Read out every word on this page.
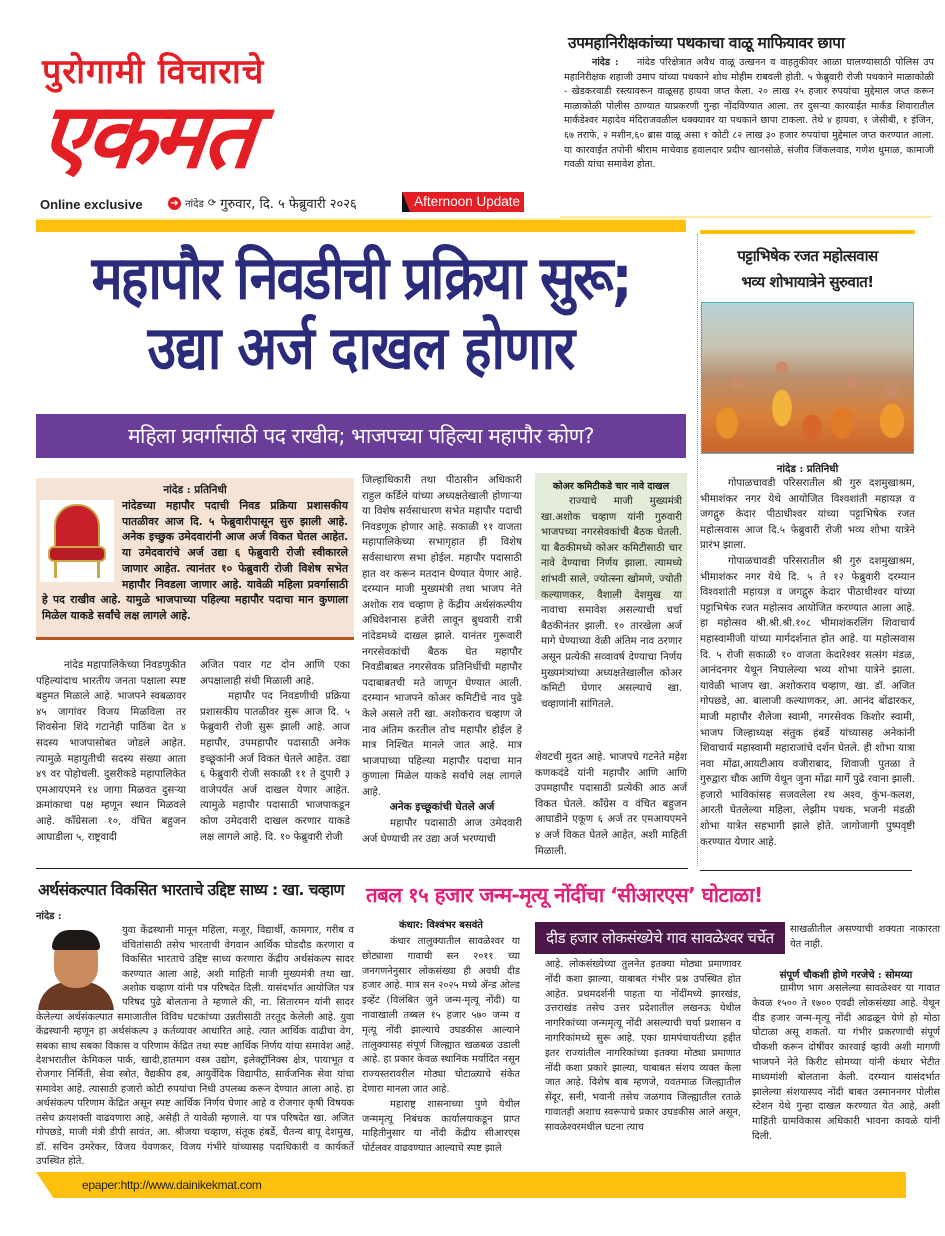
पुरोगामी विचाराचे
एकमत
Online exclusive	➜ नांदेड ⟳ गुरुवार, दि. ५ फेब्रुवारी २०२६	Afternoon Update
उपमहानिरीक्षकांच्या पथकाचा वाळू माफियावर छापा

नांदेड : नांदेड परिक्षेत्रात अवैध वाळू उत्खनन व वाहतुकीवर आळा घालण्यासाठी पोलिस उप महानिरीक्षक शहाजी उमाप यांच्या पथकाने शोध मोहीम राबवली होती. ५ फेब्रुवारी रोजी पथकाने माळाकोळी - खेडकरवाडी रस्त्यावरून वाळूसह हायवा जप्त केला. २० लाख २५ हजार रुपयांचा मुद्देमाल जप्त करून माळाकोळी पोलीस ठाण्यात याप्रकरणी गुन्हा नोंदविण्यात आला. तर दुसऱ्या कारवाईत मार्कंड शिवारातील मार्कंडेश्वर महादेव मंदिराजवळील धक्क्यावर या पथकाने छापा टाकला. तेथे ४ हायवा, १ जेसीबी, १ इंजिन, ६७ तराफे, २ मशीन,६० ब्रास वाळू असा १ कोटी ८२ लाख ३० हजार रुपयांचा मुद्देमाल जप्त करण्यात आला. या कारवाईत तपोनी श्रीराम माचेवाड हवालदार प्रदीप खानसोळे, संजीव जिंकलवाड, गणेश धुमाळ, कामाजी गवळी यांचा समावेश होता.

महापौर निवडीची प्रक्रिया सुरू;
उद्या अर्ज दाखल होणार
महिला प्रवर्गासाठी पद राखीव; भाजपच्या पहिल्या महापौर कोण?
पट्टाभिषेक रजत महोत्सवास
भव्य शोभायात्रेने सुरुवात!
नांदेड : प्रतिनिधी

गोपाळचावडी परिसरातील श्री गुरु दशमुखाश्रम, भीमाशंकर नगर येथे आयोजित विश्वशांती महायज्ञ व जगद्गुरु केदार पीठाधीश्वर यांच्या पट्टाभिषेक रजत महोत्सवास आज दि.५ फेब्रुवारी रोजी भव्य शोभा यात्रेने प्रारंभ झाला.

गोपाळचावडी परिसरातील श्री गुरु दशमुखाश्रम, भीमाशंकर नगर येथे दि. ५ ते १२ फेब्रुवारी दरम्यान विश्वशांती महायज्ञ व जगद्गुरु केदार पीठाधीश्वर यांच्या पट्टाभिषेक रजत महोत्सव आयोजित करण्यात आला आहे. हा महोत्सव श्री.श्री.श्री.१०८ भीमाशंकरलिंग शिवाचार्य महास्वामीजी यांच्या मार्गदर्शनात होत आहे. या महोत्सवास दि. ५ रोजी सकाळी १० वाजता केदारेश्वर सत्संग मंडळ, आनंदनगर येथून निघालेल्या भव्य शोभा यात्रेने झाला. यावेळी भाजप खा. अशोकराव चव्हाण, खा. डॉ. अजित गोपछडे, आ. बालाजी कल्याणकर, आ. आनंद बोंढारकर, माजी महापौर शैलेजा स्वामी, नगरसेवक किशोर स्वामी, भाजप जिल्हाध्यक्ष संतुक हंबर्डे यांच्यासह अनेकांनी शिवाचार्य महास्वामी महाराजांचे दर्शन घेतले. ही शोभा यात्रा नवा मोंढा,आयटीआय वजीराबाद, शिवाजी पुतळा ते गुरुद्वारा चौक आणि येथून जुना मोंढा मार्गे पुढे रवाना झाली. हजारो भाविकांसह सजवलेला रथ अश्व, कुंभ-कलश, आरती घेतलेल्या महिला, लेझीम पथक, भजनी मंडळी शोभा यात्रेत सहभागी झाले होते. जागोजागी पुष्पवृष्टी करण्यात येणार आहे.

नांदेड : प्रतिनिधी
नांदेडच्या महापौर पदाची निवड प्रक्रिया प्रशासकीय पातळीवर आज दि. ५ फेब्रुवारीपासून सुरु झाली आहे. अनेक इच्छुक उमेदवारांनी आज अर्ज विकत घेतल आहेत. या उमेदवारांचे अर्ज उद्या ६ फेब्रुवारी रोजी स्वीकारले जाणार आहेत. त्यानंतर १० फेब्रुवारी रोजी विशेष सभेत महापौर निवडला जाणार आहे. यावेळी महिला प्रवर्गासाठी हे पद राखीव आहे. यामुळे भाजपाच्या पहिल्या महापौर पदाचा मान कुणाला मिळेल याकडे सर्वांचे लक्ष लागले आहे.

नांदेड महापालिकेच्या निवडणुकीत पहिल्यांदाच भारतीय जनता पक्षाला स्पष्ट बहुमत मिळाले आहे. भाजपने स्वबळावर ४५ जागांवर विजय मिळविला तर शिवसेना शिंदे गटानेही पाठिंबा देत ४ सदस्य भाजपासोबत जोडले आहेत. त्यामुळे महायुतीची सदस्य संख्या आता ४९ वर पोहोचली. दुसरीकडे महापालिकेत एमआयएमने १४ जागा मिळवत दुसऱ्या क्रमांकाचा पक्ष म्हणून स्थान मिळवले आहे. काँग्रेसला १०, वंचित बहुजन आघाडीला ५, राष्ट्रवादी

अजित पवार गट दोन आणि एका अपक्षालाही संधी मिळाली आहे.

महापौर पद निवडणीची प्रक्रिया प्रशासकीय पातळीवर सुरू आज दि. ५ फेब्रुवारी रोजी सुरू झाली आहे. आज महापौर, उपमहापौर पदासाठी अनेक इच्छूकांनी अर्ज विकत घेतले आहेत. उद्या ६ फेब्रुवारी रोजी सकाळी ११ ते दुपारी ३ वाजेपर्यंत अर्ज दाखल येणार आहेत. त्यामुळे महापौर पदासाठी भाजपाकडून कोण उमेदवारी दाखल करणार याकडे लक्ष लागले आहे. दि. १० फेब्रुवारी रोजी

जिल्हाधिकारी तथा पीठासीन अधिकारी राहुल कर्डिले यांच्या अध्यक्षतेखाली होणाऱ्या या विशेष सर्वसाधारण सभेत महापौर पदाची निवडणूक होणार आहे. सकाळी ११ वाजता महापालिकेच्या सभागृहात ही विशेष सर्वसाधारण सभा होईल. महापौर पदासाठी हात वर करून मतदान घेण्यात येणार आहे. दरम्यान माजी मुख्यमंत्री तथा भाजप नेते अशोक राव चव्हाण हे केंद्रीय अर्थसंकल्पीय अधिवेशनास हजेरी लावून बुधवारी रात्री नांदेडमध्ये दाखल झाले. यानंतर गुरूवारी नगरसेवकांची बैठक घेत महापौर निवडीबाबत नगरसेवक प्रतिनिधींची महापौर पदाबाबतची मते जाणून घेण्यात आली. दरम्यान भाजपने कोअर कमिटीचे नाव पुढे केले असले तरी खा. अशोकराव चव्हाण जे नाव अंतिम करतील तोच महापौर होईल हे मात्र निश्चित मानले जात आहे. मात्र भाजपाच्या पहिल्या महापौर पदाचा मान कुणाला मिळेल याकडे सर्वांचे लक्ष लागले आहे.

अनेक इच्छूकांची घेतले अर्ज

महापौर पदासाठी आज उमेदवारी अर्ज घेण्याची तर उद्या अर्ज भरण्याची

कोअर कमिटीकडे चार नावे दाखल

राज्याचे माजी मुख्यमंत्री खा.अशोक चव्हाण यांनी गुरुवारी भाजपच्या नगरसेवकांची बैठक घेतली. या बैठकीमध्ये कोअर कमिटीसाठी चार नावे देण्याचा निर्णय झाला. त्यामध्ये शांभवी साले, ज्योत्स्ना खोमणे, ज्योती कल्याणकर, वैशाली देशमुख या नावाचा समावेश असल्याची चर्चा बैठकीनंतर झाली. १० तारखेला अर्ज मागे घेण्याच्या वेळी अंतिम नाव ठरणार असून प्रत्येकी सव्वावर्ष देण्याचा निर्णय मुख्यमंत्र्यांच्या अध्यक्षतेखालील कोअर कमिटी घेणार असल्याचे खा. चव्हाणांनी सांगितले.

शेवटची मुदत आहे. भाजपचे गटनेते महेश कणकदंडे यांनी महापौर आणि आणि उपमहापौर पदासाठी प्रत्येकी आठ अर्ज विकत घेतले. काँग्रेस व वंचित बहुजन आघाडीने एकूण ६ अर्ज तर एमआयएमने ४ अर्ज विकत घेतले आहेत, अशी माहिती मिळाली.

अर्थसंकल्पात विकसित भारताचे उद्दिष्ट साध्य : खा. चव्हाण
नांदेड :
युवा केंद्रस्थानी मानून महिला, मजूर, विद्यार्थी, कामगार, गरीब व वंचितांसाठी तसेच भारताची वेगवान आर्थिक घोडदौड करणारा व विकसित भारताचे उद्दिष्ट साध्य करणारा केंद्रीय अर्थसंकल्प सादर करण्यात आला आहे, अशी माहिती माजी मुख्यमंत्री तथा खा. अशोक चव्हाण यांनी पत्र परिषदेत दिली. यासंदर्भात आयोजित पत्र परिषद पुढे बोलताना ते म्हणाले की, ना. सितारमन यांनी सादर केलेल्या अर्थसंकल्पात समाजातील विविध घटकांच्या उन्नतीसाठी तरतूद केलेली आहे. युवा केंद्रस्थानी म्हणून हा अर्थसंकल्प ३ कर्तव्यावर आधारित आहे. त्यात आर्थिक वाढीचा वेग, सबका साथ सबका विकास व परिणाम केंद्रित तथा स्पष्ट आर्थिक निर्णय यांचा समावेश आहे. देशभरातील केमिकल पार्क, खादी,हातमाग वस्त्र उद्योग, इलेक्ट्रॉनिक्स क्षेत्र, पायाभूत व रोजगार निर्मिती, सेवा स्त्रोत, वैद्यकीय हब, आयुर्वेदिक विद्यापीठ, सार्वजनिक सेवा यांचा समावेश आहे. त्यासाठी हजारो कोटी रुपयांचा निधी उपलब्ध करून देण्यात आला आहे. हा अर्थसंकल्प परिणाम केंद्रित असून स्पष्ट आर्थिक निर्णय घेणार आहे व रोजगार कृषी विषयक तसेच क्रयशक्ती वाढवणारा आहे, असेही ते यावेळी म्हणाले. या पत्र परिषदेत खा. अजित गोपछडे, माजी मंत्री डीपी सावंत, आ. श्रीजया चव्हाण, संतूक हंबर्डे, चैतन्य बापू देशमुख, डॉ. सचिन उमरेकर, विजय येवणकर, विजय गंभीरे यांच्यासह पदाधिकारी व कार्यकर्ते उपस्थित होते.
तबल १५ हजार जन्म-मृत्यू नोंदींचा ‘सीआरएस’ घोटाळा!
कंधार: विश्वंभर बसवंते

कंधार तालुक्यातील सावळेश्वर या छोट्याशा गावाची सन २०११ च्या जनगणनेनुसार लोकसंख्या ही अवघी दीड हजार आहे. मात्र सन २०२५ मध्ये ॲन्ड ओल्ड इव्हेंट (विलंबित जुने जन्म-मृत्यू नोंदी) या नावाखाली तब्बल १५ हजार ५७० जन्म व मृत्यू नोंदी झाल्याचे उघडकीस आल्याने तालुक्यासह संपूर्ण जिल्ह्यात खळबळ उडाली आहे. हा प्रकार केवळ स्थानिक मर्यादित नसून राज्यस्तरावरील मोठ्या घोटाळ्याचे संकेत देणारा मानला जात आहे.

महाराष्ट्र शासनाच्या पुणे येथील जन्म‍मृत्यू निबंधक कार्यालयाकडून प्राप्त माहितीनुसार या नोंदी केंद्रीय सीआरएस पोर्टलवर वाढवण्यात आल्याचे स्पष्ट झाले

दीड हजार लोकसंख्येचे गाव सावळेश्वर चर्चेत

आहे. लोकसंख्येच्या तुलनेत इतक्या मोठ्या प्रमाणावर नोंदी कशा झाल्या, याबाबत गंभीर प्रश्न उपस्थित होत आहेत. प्रथमदर्शनी पाहता या नोंदींमध्ये झारखंड, उत्तराखंड तसेच उत्तर प्रदेशातील लखनऊ येथील नागरिकांच्या जन्म‍मृत्यू नोंदी असल्याची चर्चा प्रशासन व नागरिकांमध्ये सुरू आहे. एका ग्रामपंचायतीच्या हद्दीत इतर राज्यांतील नागरिकांच्या इतक्या मोठ्या प्रमाणात नोंदी कशा प्रकारे झाल्या, याबाबत संशय व्यक्त केला जात आहे. विशेष बाब म्हणजे, यवतमाळ जिल्ह्यातील सेंदूर, सनी, भवानी तसेच जळगाव जिल्ह्यातील रताळे गावातही अशाच स्वरूपाचे प्रकार उघडकीस आले असून, सावळेश्वरमधील घटना त्याच

साखळीतील असण्याची शक्यता नाकारता येत नाही.

संपूर्ण चौकशी होणे गरजेचे : सोमय्या

ग्रामीण भाग असलेल्या सावळेश्वर या गावात केवळ १५०० ते १७०० एवढी लोकसंख्या आहे. येथून दीड हजार जन्म-मृत्यू नोंदी आढळून येणे हो मोठा घोटाळा असू शकतो. या गंभीर प्रकरणाची संपूर्ण चौकशी करून दोषींवर कारवाई व्हावी अशी मागणी भाजपने नेते किरीट सोमय्या यांनी कंधार भेटीत माध्यमांशी बोलताना केली. दरम्यान यासंदर्भात झालेल्या संशयास्पद नोंदी बाबत उस्माननगर पोलीस स्टेशन येथे गुन्हा दाखल करण्यात येत आहे, अशी माहिती ग्रामविकास अधिकारी भावना कावळे यांनी दिली.

epaper:http://www.dainikekmat.com
